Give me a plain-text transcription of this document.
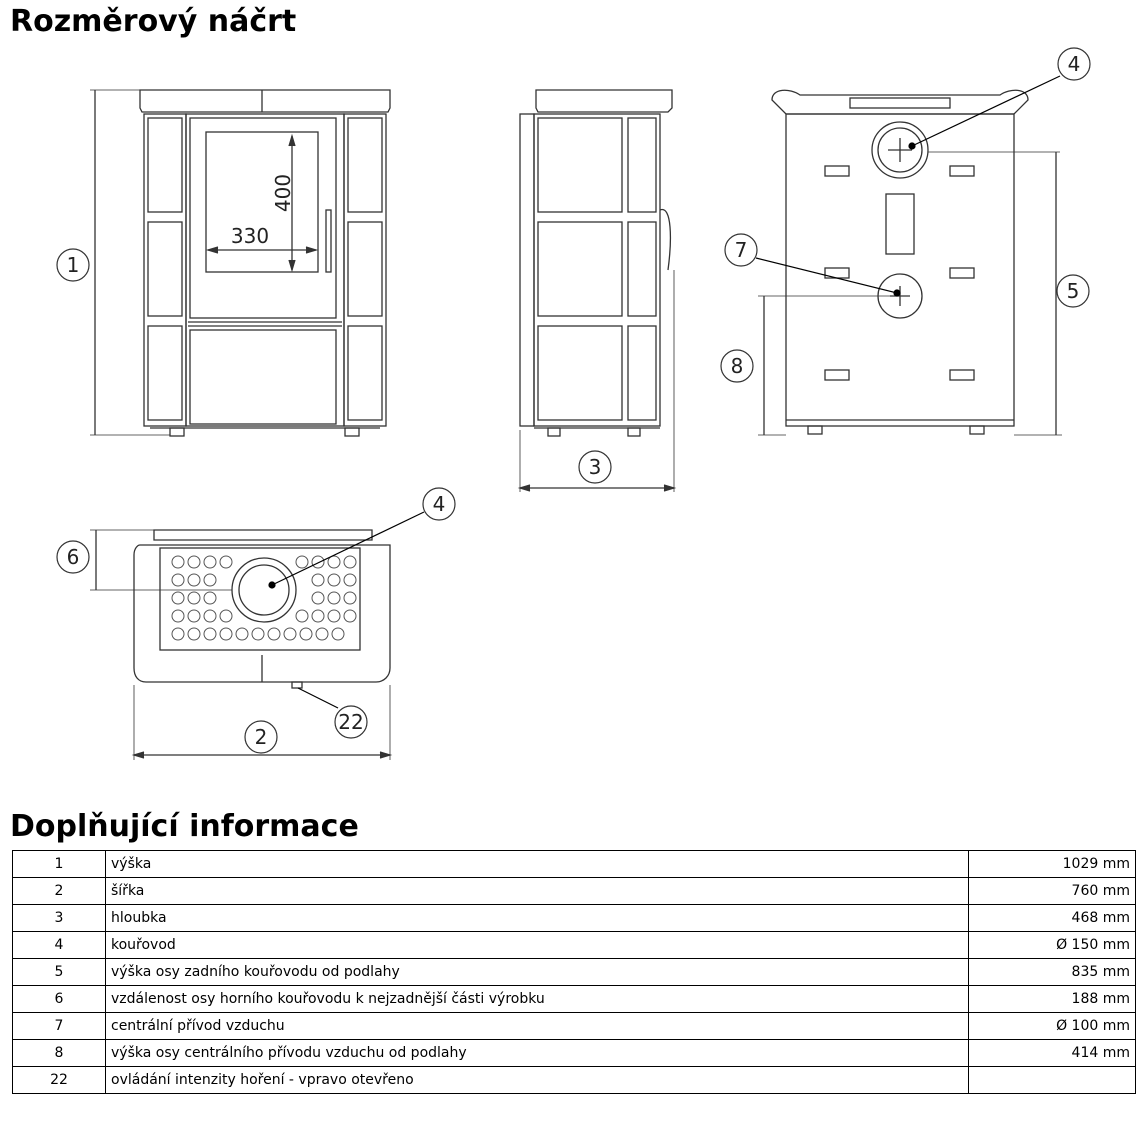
Rozměrový náčrt
400
330
1
3
4
5
7
8
4
6
2
22
Doplňující informace
1	výška	1029 mm
2	šířka	760 mm
3	hloubka	468 mm
4	kouřovod	Ø 150 mm
5	výška osy zadního kouřovodu od podlahy	835 mm
6	vzdálenost osy horního kouřovodu k nejzadnější části výrobku	188 mm
7	centrální přívod vzduchu	Ø 100 mm
8	výška osy centrálního přívodu vzduchu od podlahy	414 mm
22	ovládání intenzity hoření - vpravo otevřeno	
